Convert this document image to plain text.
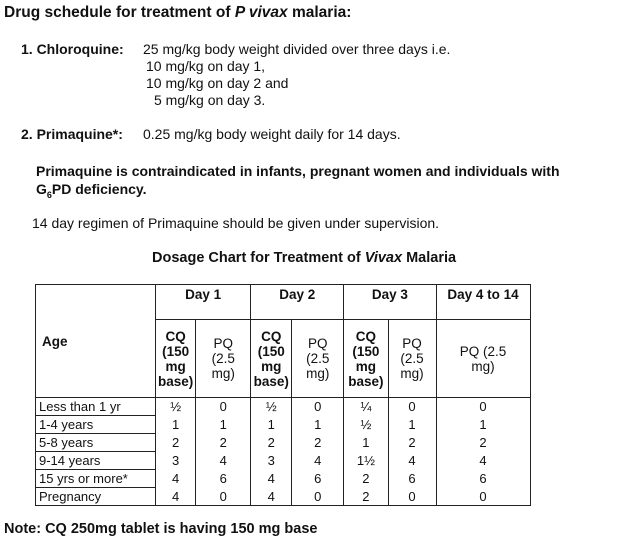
Drug schedule for treatment of P vivax malaria:
1. Chloroquine: 25 mg/kg body weight divided over three days i.e.
10 mg/kg on day 1,
10 mg/kg on day 2 and
5 mg/kg on day 3.
2. Primaquine*: 0.25 mg/kg body weight daily for 14 days.
Primaquine is contraindicated in infants, pregnant women and individuals with
$G_6PD$ deficiency.
14 day regimen of Primaquine should be given under supervision.
Dosage Chart for Treatment of Vivax Malaria
Age	Day 1		Day 2		Day 3		Day 4 to 14
	CQ (150 mg base)	PQ (2.5 mg)	CQ (150 mg base)	PQ (2.5 mg)	CQ (150 mg base)	PQ (2.5 mg)	PQ (2.5 mg)
Less than 1 yr	½	0	½	0	¼	0	0
1-4 years	1	1	1	1	½	1	1
5-8 years	2	2	2	2	1	2	2
9-14 years	3	4	3	4	1½	4	4
15 yrs or more*	4	6	4	6	2	6	6
Pregnancy	4	0	4	0	2	0	0
Note: CQ 250mg tablet is having 150 mg base
